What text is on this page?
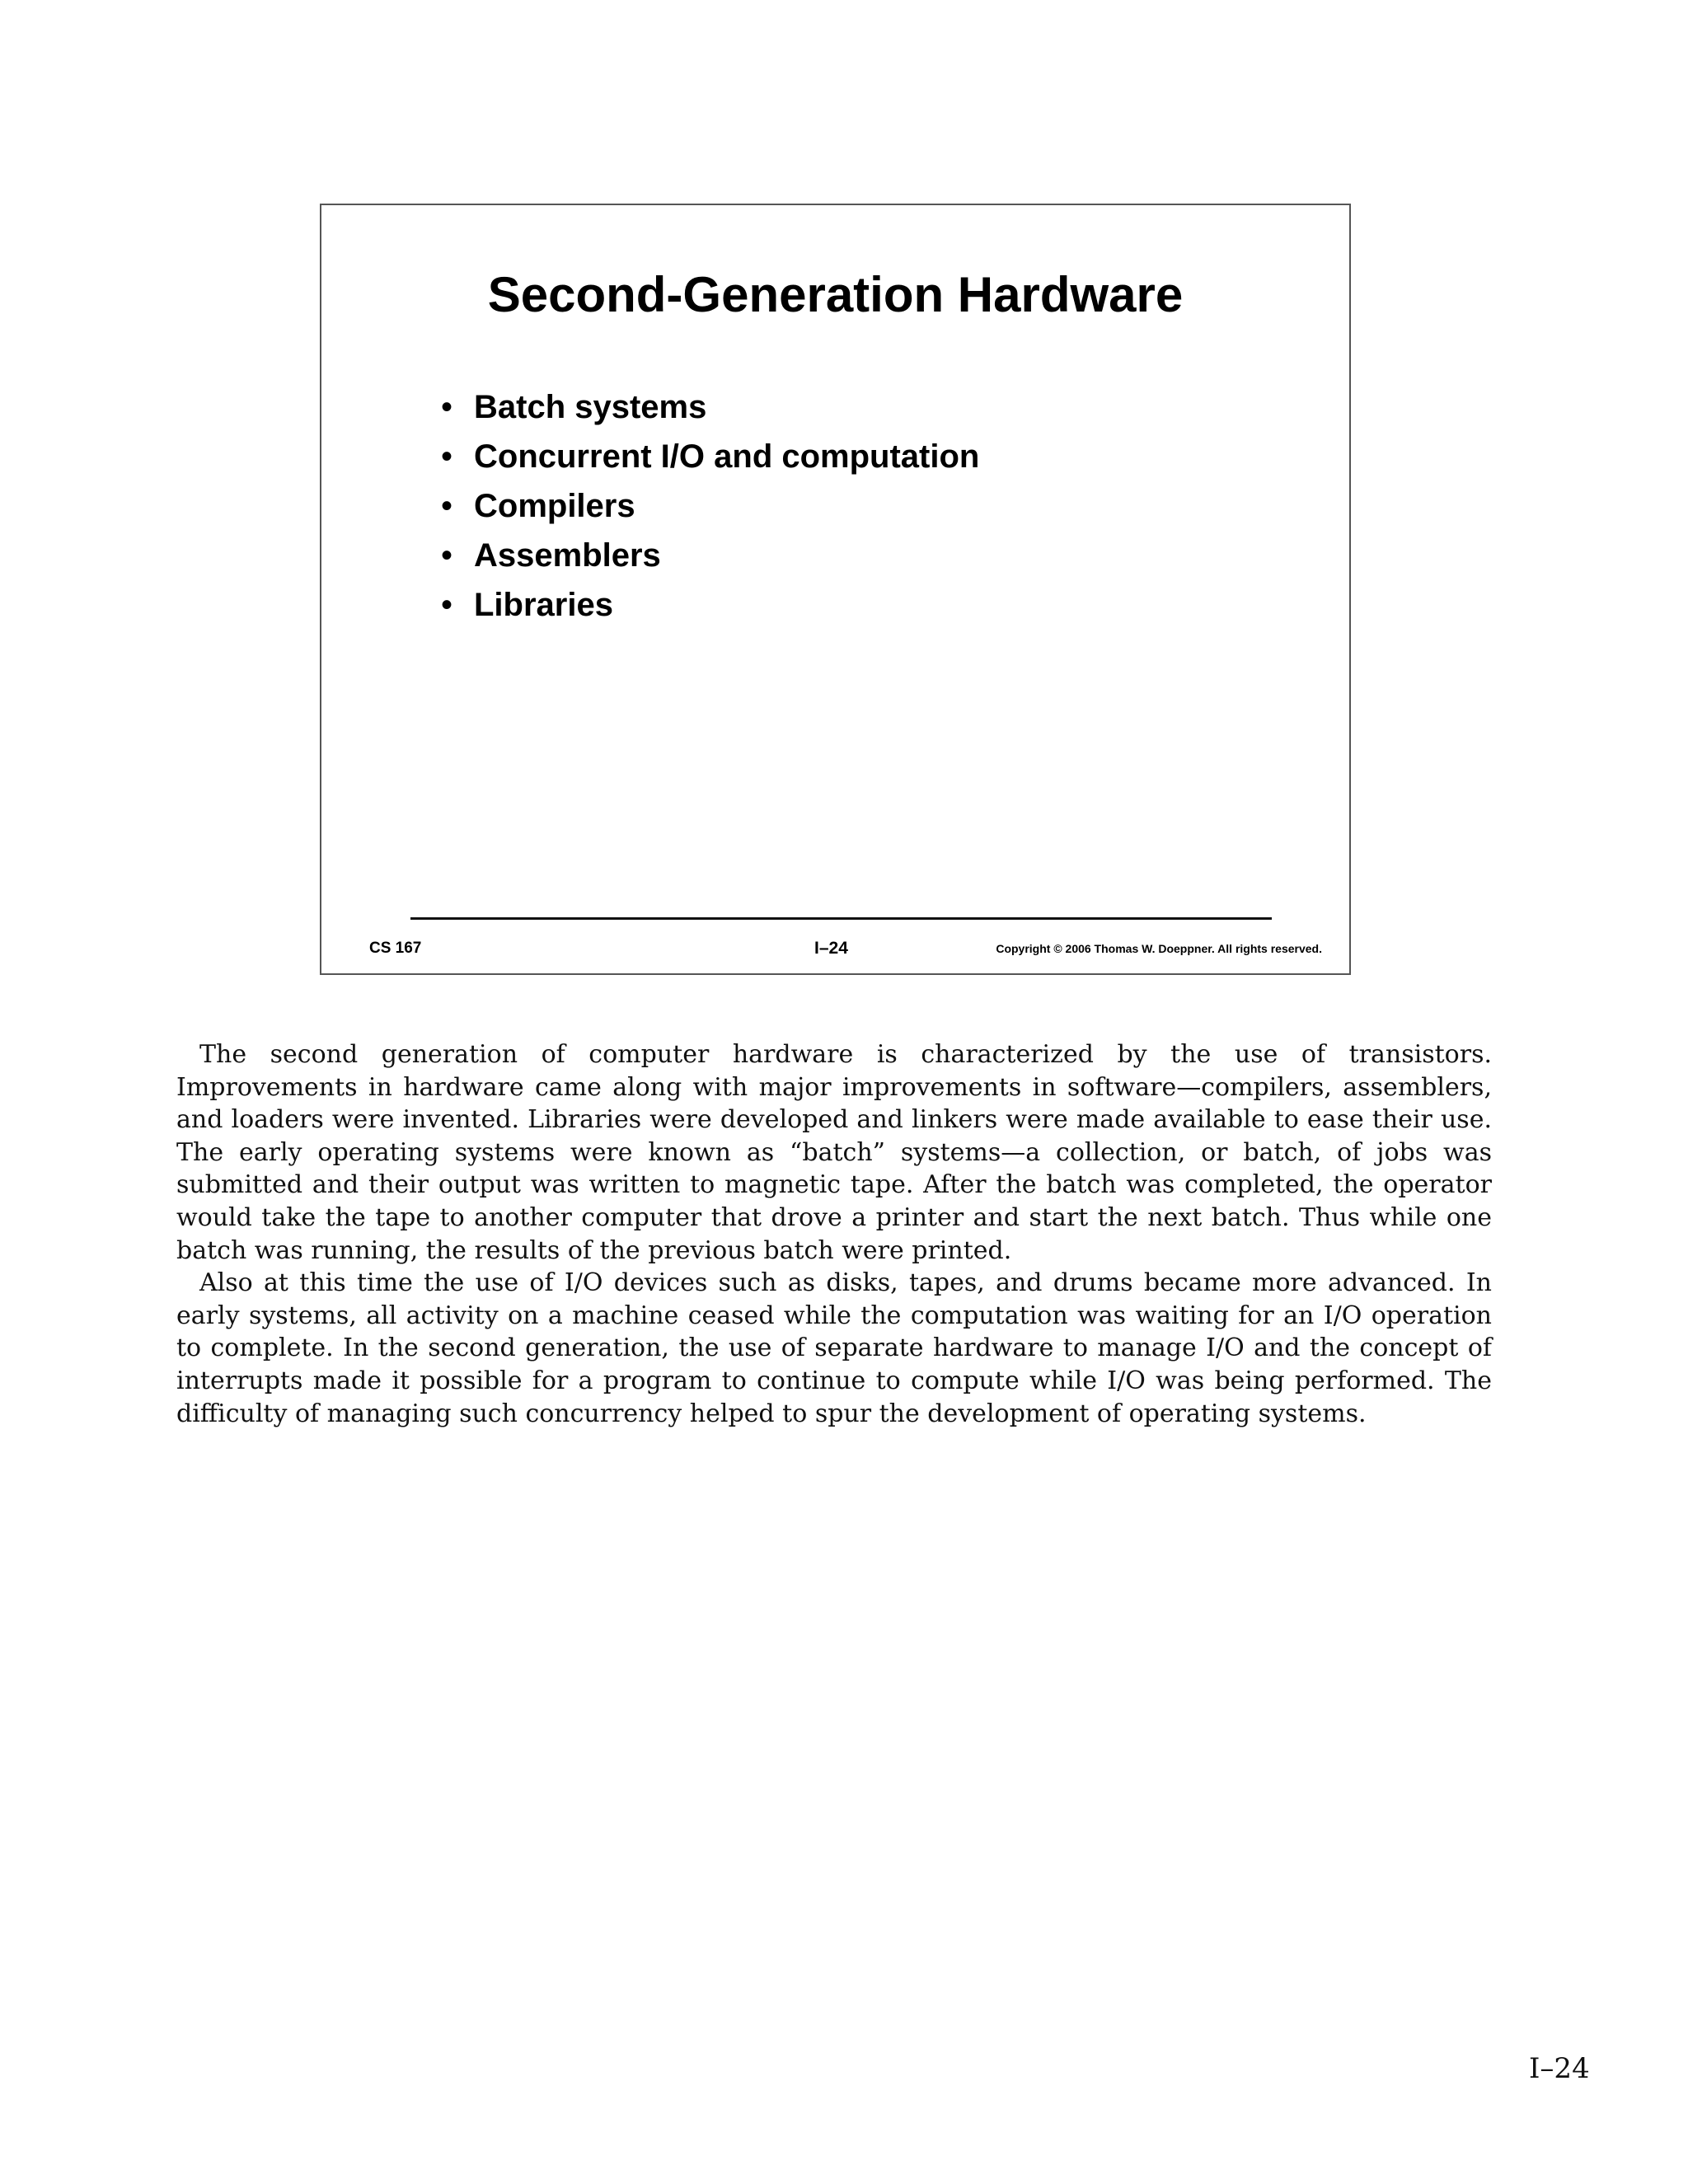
Second-Generation Hardware
• Batch systems
• Concurrent I/O and computation
• Compilers
• Assemblers
• Libraries
CS 167	I–24	Copyright © 2006 Thomas W. Doeppner. All rights reserved.

The second generation of computer hardware is characterized by the use of transistors. Improvements in hardware came along with major improvements in software—compilers, assemblers, and loaders were invented. Libraries were developed and linkers were made available to ease their use. The early operating systems were known as “batch” systems—a collection, or batch, of jobs was submitted and their output was written to magnetic tape. After the batch was completed, the operator would take the tape to another computer that drove a printer and start the next batch. Thus while one batch was running, the results of the previous batch were printed.

Also at this time the use of I/O devices such as disks, tapes, and drums became more advanced. In early systems, all activity on a machine ceased while the computation was waiting for an I/O operation to complete. In the second generation, the use of separate hardware to manage I/O and the concept of interrupts made it possible for a program to continue to compute while I/O was being performed. The difficulty of managing such concurrency helped to spur the development of operating systems.

I–24
